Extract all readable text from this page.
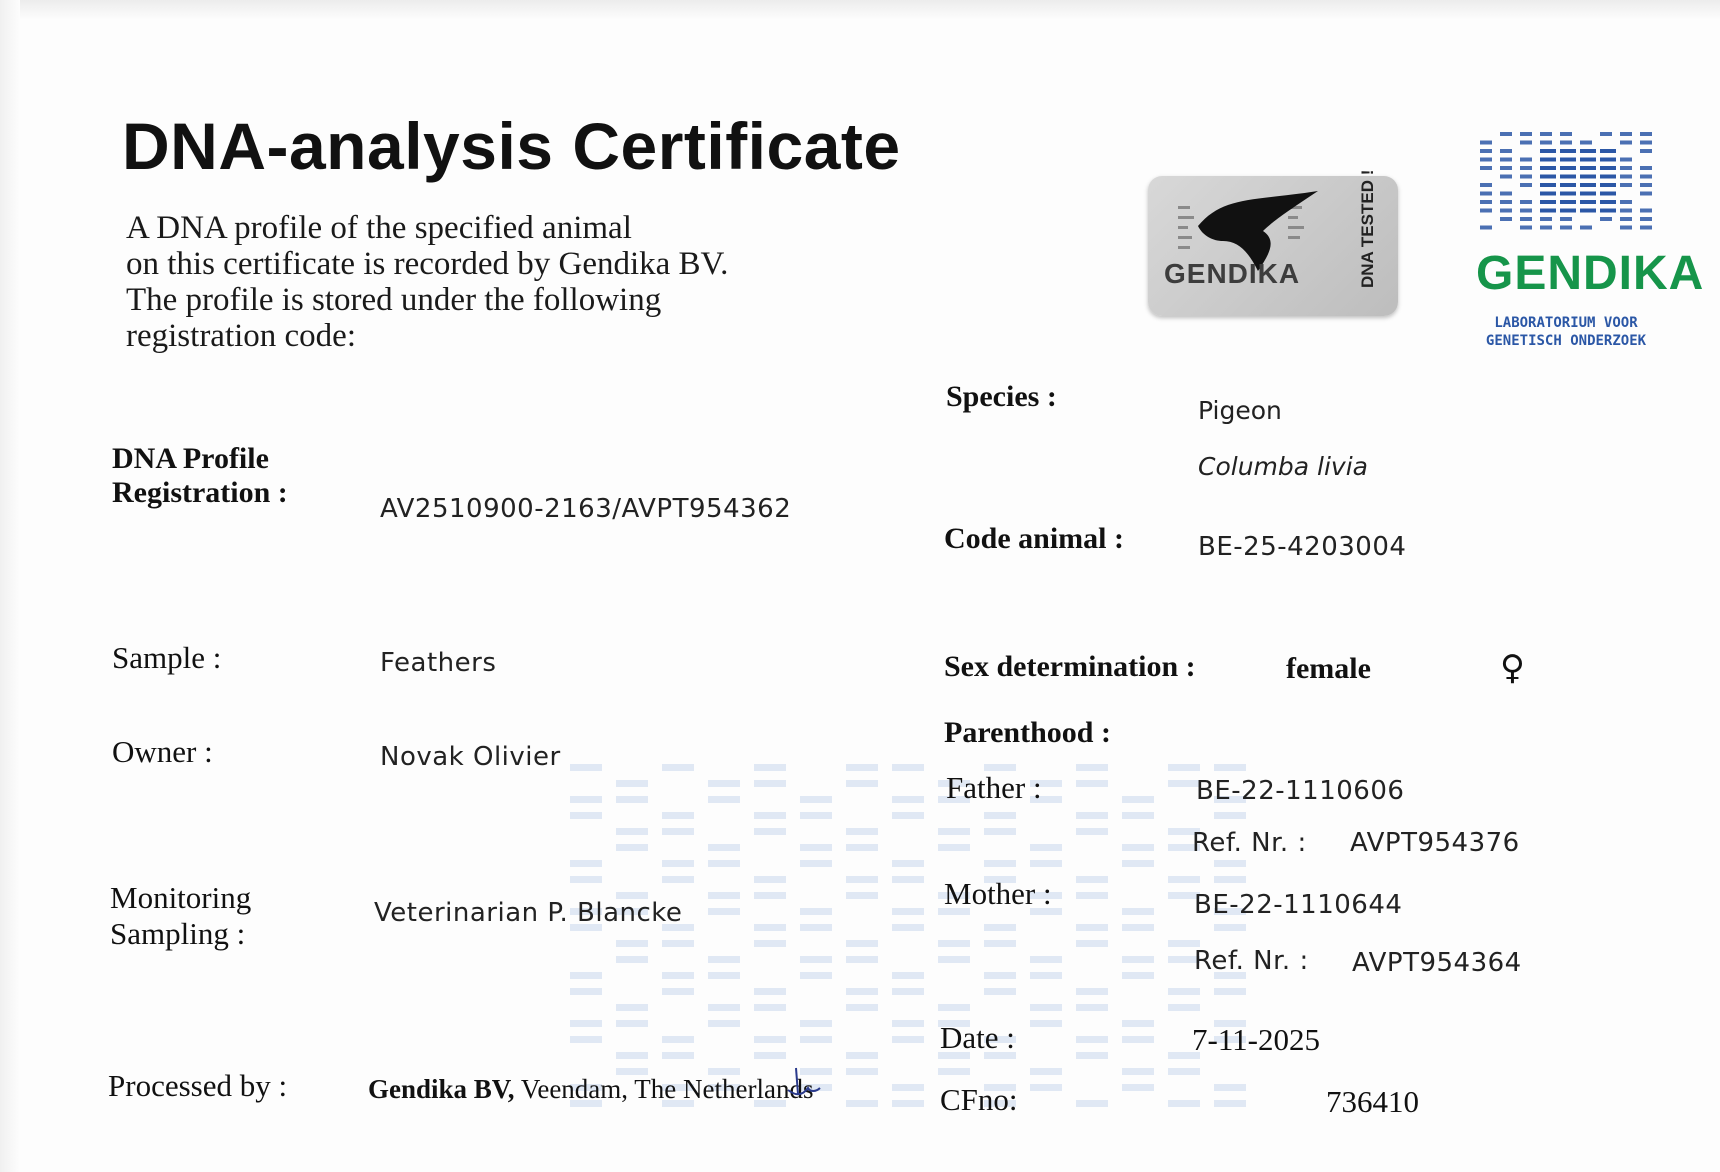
DNA-analysis Certificate
A DNA profile of the specified animal
on this certificate is recorded by Gendika BV.
The profile is stored under the following
registration code:
GENDIKA	DNA TESTED ! GENDIKA
LABORATORIUM VOOR
GENETISCH ONDERZOEK
DNA Profile
Registration :	AV2510900-2163/AVPT954362
Sample :	Feathers
Owner :	Novak Olivier
Monitoring
Sampling :
Veterinarian P. Blancke
Processed by :	Gendika BV, Veendam, The Netherlands
Species :	Pigeon
Columba livia
Code animal :	BE-25-4203004
Sex determination :	female	♀
Parenthood :
Father :	BE-22-1110606
Ref. Nr. : AVPT954376
Mother :	BE-22-1110644
Ref. Nr. : AVPT954364
Date :	7-11-2025
CFno:	736410
